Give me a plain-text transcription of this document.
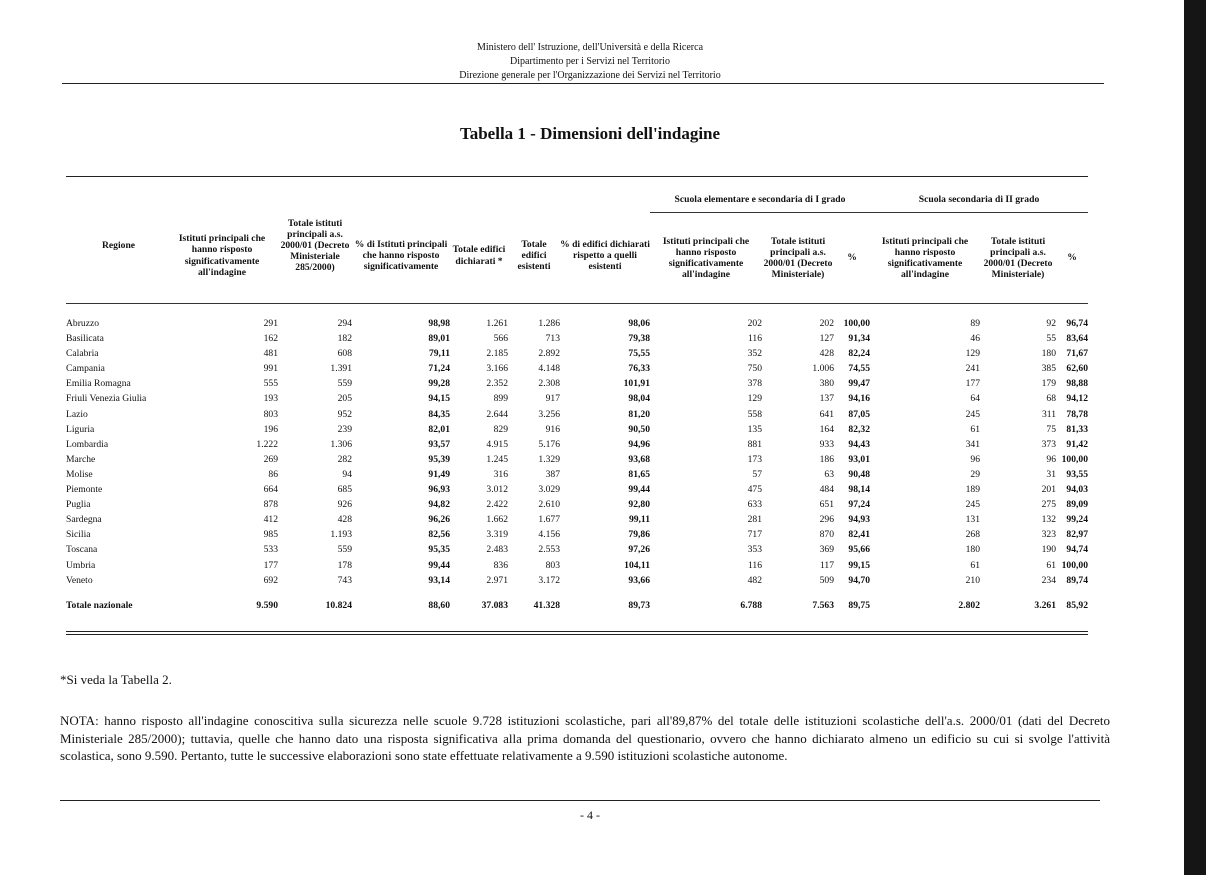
Ministero dell' Istruzione, dell'Università e della Ricerca
Dipartimento per i Servizi nel Territorio
Direzione generale per l'Organizzazione dei Servizi nel Territorio
Tabella 1 - Dimensioni dell'indagine
Regione	Istituti principali che hanno risposto significativamente all'indagine	Totale istituti principali a.s. 2000/01 (Decreto Ministeriale 285/2000)	% di Istituti principali che hanno risposto significativamente	Totale edifici dichiarati *	Totale edifici esistenti	% di edifici dichiarati rispetto a quelli esistenti	Scuola elementare e secondaria di I grado			Scuola secondaria di II grado		
							Istituti principali che hanno risposto significativamente all'indagine	Totale istituti principali a.s. 2000/01 (Decreto Ministeriale)	%	Istituti principali che hanno risposto significativamente all'indagine	Totale istituti principali a.s. 2000/01 (Decreto Ministeriale)	%

Abruzzo	291	294	98,98	1.261	1.286	98,06	202	202	100,00	89	92	96,74
Basilicata	162	182	89,01	566	713	79,38	116	127	91,34	46	55	83,64
Calabria	481	608	79,11	2.185	2.892	75,55	352	428	82,24	129	180	71,67
Campania	991	1.391	71,24	3.166	4.148	76,33	750	1.006	74,55	241	385	62,60
Emilia Romagna	555	559	99,28	2.352	2.308	101,91	378	380	99,47	177	179	98,88
Friuli Venezia Giulia	193	205	94,15	899	917	98,04	129	137	94,16	64	68	94,12
Lazio	803	952	84,35	2.644	3.256	81,20	558	641	87,05	245	311	78,78
Liguria	196	239	82,01	829	916	90,50	135	164	82,32	61	75	81,33
Lombardia	1.222	1.306	93,57	4.915	5.176	94,96	881	933	94,43	341	373	91,42
Marche	269	282	95,39	1.245	1.329	93,68	173	186	93,01	96	96	100,00
Molise	86	94	91,49	316	387	81,65	57	63	90,48	29	31	93,55
Piemonte	664	685	96,93	3.012	3.029	99,44	475	484	98,14	189	201	94,03
Puglia	878	926	94,82	2.422	2.610	92,80	633	651	97,24	245	275	89,09
Sardegna	412	428	96,26	1.662	1.677	99,11	281	296	94,93	131	132	99,24
Sicilia	985	1.193	82,56	3.319	4.156	79,86	717	870	82,41	268	323	82,97
Toscana	533	559	95,35	2.483	2.553	97,26	353	369	95,66	180	190	94,74
Umbria	177	178	99,44	836	803	104,11	116	117	99,15	61	61	100,00
Veneto	692	743	93,14	2.971	3.172	93,66	482	509	94,70	210	234	89,74

Totale nazionale	9.590	10.824	88,60	37.083	41.328	89,73	6.788	7.563	89,75	2.802	3.261	85,92
*Si veda la Tabella 2.
NOTA: hanno risposto all'indagine conoscitiva sulla sicurezza nelle scuole 9.728 istituzioni scolastiche, pari all'89,87% del totale delle istituzioni scolastiche dell'a.s. 2000/01 (dati del Decreto Ministeriale 285/2000); tuttavia, quelle che hanno dato una risposta significativa alla prima domanda del questionario, ovvero che hanno dichiarato almeno un edificio su cui si svolge l'attività scolastica, sono 9.590. Pertanto, tutte le successive elaborazioni sono state effettuate relativamente a 9.590 istituzioni scolastiche autonome.
- 4 -
